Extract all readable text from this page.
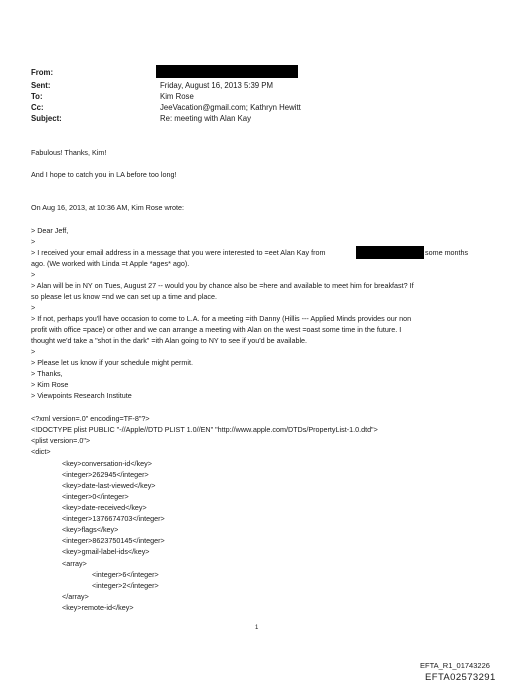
From:
Sent:	Friday, August 16, 2013 5:39 PM
To:	Kim Rose
Cc:	JeeVacation@gmail.com; Kathryn Hewitt
Subject:	Re: meeting with Alan Kay
Fabulous! Thanks, Kim!
And I hope to catch you in LA before too long!
On Aug 16, 2013, at 10:36 AM, Kim Rose wrote:
> Dear Jeff,
>
> I received your email address in a message that you were interested to =eet Alan Kay from	some months
ago. (We worked with Linda =t Apple *ages* ago).
>
> Alan will be in NY on Tues, August 27 -- would you by chance also be =here and available to meet him for breakfast? If
so please let us know =nd we can set up a time and place.
>
> If not, perhaps you'll have occasion to come to L.A. for a meeting =ith Danny (Hillis --- Applied Minds provides our non
profit with office =pace) or other and we can arrange a meeting with Alan on the west =oast some time in the future. I
thought we'd take a "shot in the dark" =ith Alan going to NY to see if you'd be available.
>
> Please let us know if your schedule might permit.
> Thanks,
> Kim Rose
> Viewpoints Research Institute
<?xml version=.0" encoding=TF-8"?>
<!DOCTYPE plist PUBLIC "-//Apple//DTD PLIST 1.0//EN" "http://www.apple.com/DTDs/PropertyList-1.0.dtd">
<plist version=.0">
<dict>
<key>conversation-id</key>
<integer>262945</integer>
<key>date-last-viewed</key>
<integer>0</integer>
<key>date-received</key>
<integer>1376674703</integer>
<key>flags</key>
<integer>8623750145</integer>
<key>gmail-label-ids</key>
<array>
<integer>6</integer>
<integer>2</integer>
</array>
<key>remote-id</key>
1
EFTA_R1_01743226
EFTA02573291
